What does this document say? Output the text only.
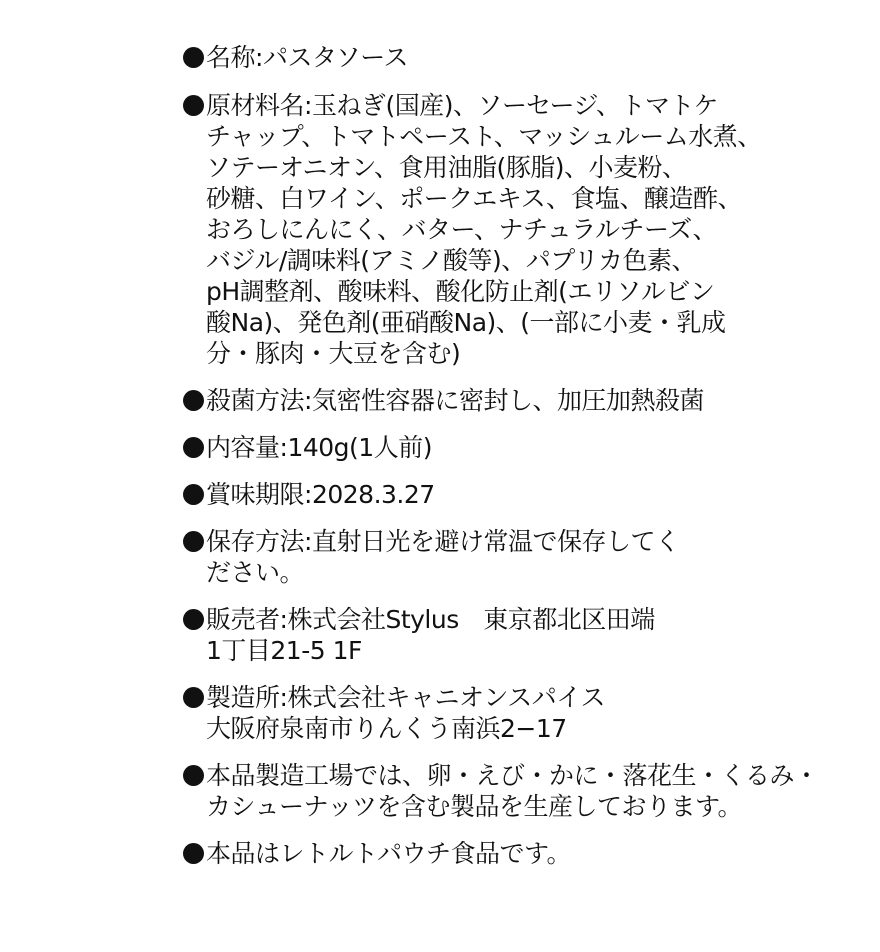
名称:パスタソース
原材料名:玉ねぎ(国産)、ソーセージ、トマトケ
チャップ、トマトペースト、マッシュルーム水煮、
ソテーオニオン、食用油脂(豚脂)、小麦粉、
砂糖、白ワイン、ポークエキス、食塩、醸造酢、
おろしにんにく、バター、ナチュラルチーズ、
バジル/調味料(アミノ酸等)、パプリカ色素、
pH調整剤、酸味料、酸化防止剤(エリソルビン
酸Na)、発色剤(亜硝酸Na)、(一部に小麦・乳成
分・豚肉・大豆を含む)
殺菌方法:気密性容器に密封し、加圧加熱殺菌
内容量:140g(1人前)
賞味期限:2028.3.27
保存方法:直射日光を避け常温で保存してく
ださい。
販売者:株式会社Stylus　東京都北区田端
1丁目21-5 1F
製造所:株式会社キャニオンスパイス
大阪府泉南市りんくう南浜2−17
本品製造工場では、卵・えび・かに・落花生・くるみ・
カシューナッツを含む製品を生産しております。
本品はレトルトパウチ食品です。
